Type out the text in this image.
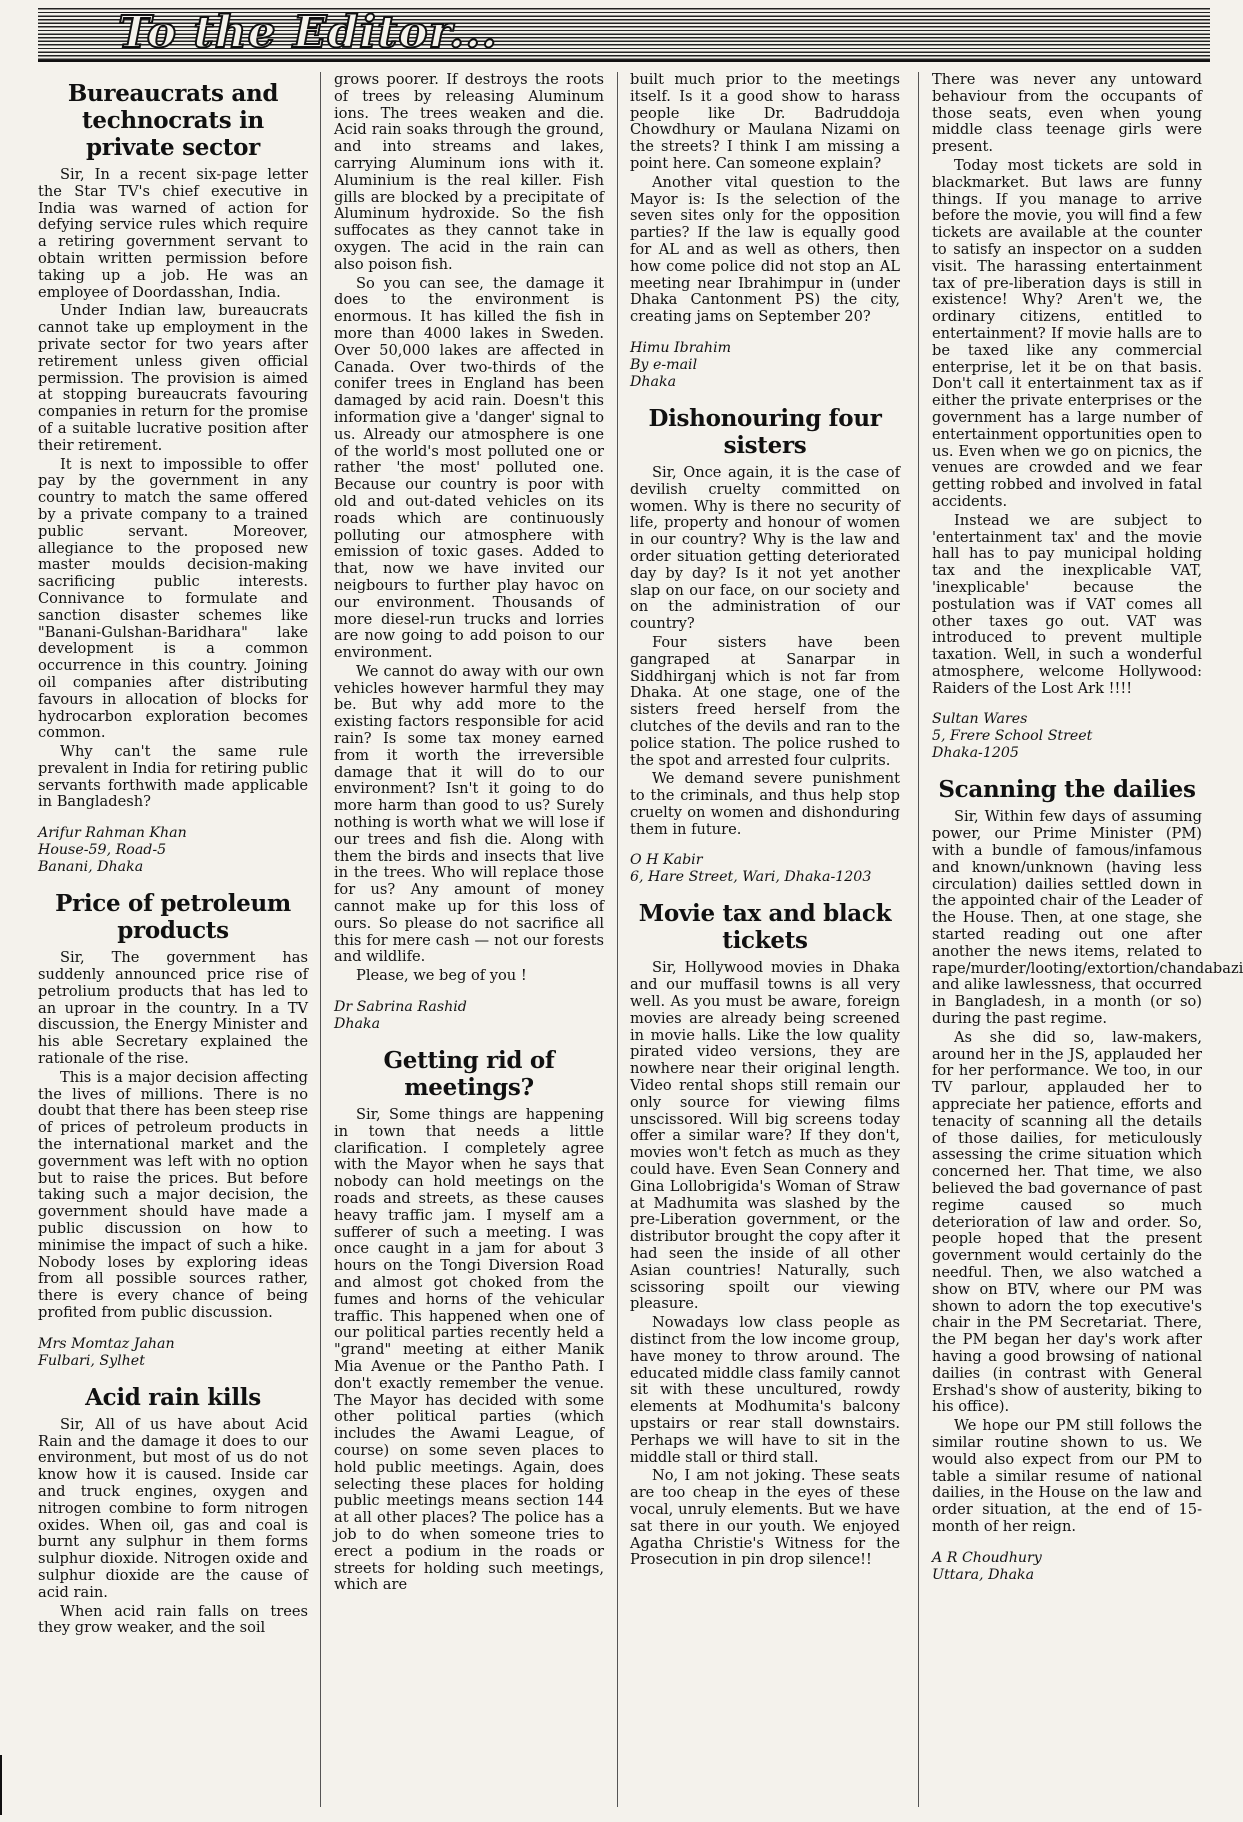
To the Editor...
Bureaucrats and technocrats in private sector

Sir, In a recent six-page letter the Star TV's chief executive in India was warned of action for defying service rules which require a retiring government servant to obtain written permission before taking up a job. He was an employee of Doordasshan, India.

Under Indian law, bureaucrats cannot take up employment in the private sector for two years after retirement unless given official permission. The provision is aimed at stopping bureaucrats favouring companies in return for the promise of a suitable lucrative position after their retirement.

It is next to impossible to offer pay by the government in any country to match the same offered by a private company to a trained public servant. Moreover, allegiance to the proposed new master moulds decision-making sacrificing public interests. Connivance to formulate and sanction disaster schemes like "Banani-Gulshan-Baridhara" lake development is a common occurrence in this country. Joining oil companies after distributing favours in allocation of blocks for hydrocarbon exploration becomes common.

Why can't the same rule prevalent in India for retiring public servants forthwith made applicable in Bangladesh?

Arifur Rahman Khan
House-59, Road-5
Banani, Dhaka
Price of petroleum products

Sir, The government has suddenly announced price rise of petrolium products that has led to an uproar in the country. In a TV discussion, the Energy Minister and his able Secretary explained the rationale of the rise.

This is a major decision affecting the lives of millions. There is no doubt that there has been steep rise of prices of petroleum products in the international market and the government was left with no option but to raise the prices. But before taking such a major decision, the government should have made a public discussion on how to minimise the impact of such a hike. Nobody loses by exploring ideas from all possible sources rather, there is every chance of being profited from public discussion.

Mrs Momtaz Jahan
Fulbari, Sylhet
Acid rain kills

Sir, All of us have about Acid Rain and the damage it does to our environment, but most of us do not know how it is caused. Inside car and truck engines, oxygen and nitrogen combine to form nitrogen oxides. When oil, gas and coal is burnt any sulphur in them forms sulphur dioxide. Nitrogen oxide and sulphur dioxide are the cause of acid rain.

When acid rain falls on trees they grow weaker, and the soil

grows poorer. If destroys the roots of trees by releasing Aluminum ions. The trees weaken and die. Acid rain soaks through the ground, and into streams and lakes, carrying Aluminum ions with it. Aluminium is the real killer. Fish gills are blocked by a precipitate of Aluminum hydroxide. So the fish suffocates as they cannot take in oxygen. The acid in the rain can also poison fish.

So you can see, the damage it does to the environment is enormous. It has killed the fish in more than 4000 lakes in Sweden. Over 50,000 lakes are affected in Canada. Over two-thirds of the conifer trees in England has been damaged by acid rain. Doesn't this information give a 'danger' signal to us. Already our atmosphere is one of the world's most polluted one or rather 'the most' polluted one. Because our country is poor with old and out-dated vehicles on its roads which are continuously polluting our atmosphere with emission of toxic gases. Added to that, now we have invited our neigbours to further play havoc on our environment. Thousands of more diesel-run trucks and lorries are now going to add poison to our environment.

We cannot do away with our own vehicles however harmful they may be. But why add more to the existing factors responsible for acid rain? Is some tax money earned from it worth the irreversible damage that it will do to our environment? Isn't it going to do more harm than good to us? Surely nothing is worth what we will lose if our trees and fish die. Along with them the birds and insects that live in the trees. Who will replace those for us? Any amount of money cannot make up for this loss of ours. So please do not sacrifice all this for mere cash — not our forests and wildlife.

Please, we beg of you !

Dr Sabrina Rashid
Dhaka
Getting rid of meetings?

Sir, Some things are happening in town that needs a little clarification. I completely agree with the Mayor when he says that nobody can hold meetings on the roads and streets, as these causes heavy traffic jam. I myself am a sufferer of such a meeting. I was once caught in a jam for about 3 hours on the Tongi Diversion Road and almost got choked from the fumes and horns of the vehicular traffic. This happened when one of our political parties recently held a "grand" meeting at either Manik Mia Avenue or the Pantho Path. I don't exactly remember the venue. The Mayor has decided with some other political parties (which includes the Awami League, of course) on some seven places to hold public meetings. Again, does selecting these places for holding public meetings means section 144 at all other places? The police has a job to do when someone tries to erect a podium in the roads or streets for holding such meetings, which are

built much prior to the meetings itself. Is it a good show to harass people like Dr. Badruddoja Chowdhury or Maulana Nizami on the streets? I think I am missing a point here. Can someone explain?

Another vital question to the Mayor is: Is the selection of the seven sites only for the opposition parties? If the law is equally good for AL and as well as others, then how come police did not stop an AL meeting near Ibrahimpur in (under Dhaka Cantonment PS) the city, creating jams on September 20?

Himu Ibrahim
By e-mail
Dhaka
Dishonouring four sisters

Sir, Once again, it is the case of devilish cruelty committed on women. Why is there no security of life, property and honour of women in our country? Why is the law and order situation getting deteriorated day by day? Is it not yet another slap on our face, on our society and on the administration of our country?

Four sisters have been gangraped at Sanarpar in Siddhirganj which is not far from Dhaka. At one stage, one of the sisters freed herself from the clutches of the devils and ran to the police station. The police rushed to the spot and arrested four culprits.

We demand severe punishment to the criminals, and thus help stop cruelty on women and dishonduring them in future.

O H Kabir
6, Hare Street, Wari, Dhaka-1203
Movie tax and black tickets

Sir, Hollywood movies in Dhaka and our muffasil towns is all very well. As you must be aware, foreign movies are already being screened in movie halls. Like the low quality pirated video versions, they are nowhere near their original length. Video rental shops still remain our only source for viewing films unscissored. Will big screens today offer a similar ware? If they don't, movies won't fetch as much as they could have. Even Sean Connery and Gina Lollobrigida's Woman of Straw at Madhumita was slashed by the pre-Liberation government, or the distributor brought the copy after it had seen the inside of all other Asian countries! Naturally, such scissoring spoilt our viewing pleasure.

Nowadays low class people as distinct from the low income group, have money to throw around. The educated middle class family cannot sit with these uncultured, rowdy elements at Modhumita's balcony upstairs or rear stall downstairs. Perhaps we will have to sit in the middle stall or third stall.

No, I am not joking. These seats are too cheap in the eyes of these vocal, unruly elements. But we have sat there in our youth. We enjoyed Agatha Christie's Witness for the Prosecution in pin drop silence!!

There was never any untoward behaviour from the occupants of those seats, even when young middle class teenage girls were present.

Today most tickets are sold in blackmarket. But laws are funny things. If you manage to arrive before the movie, you will find a few tickets are available at the counter to satisfy an inspector on a sudden visit. The harassing entertainment tax of pre-liberation days is still in existence! Why? Aren't we, the ordinary citizens, entitled to entertainment? If movie halls are to be taxed like any commercial enterprise, let it be on that basis. Don't call it entertainment tax as if either the private enterprises or the government has a large number of entertainment opportunities open to us. Even when we go on picnics, the venues are crowded and we fear getting robbed and involved in fatal accidents.

Instead we are subject to 'entertainment tax' and the movie hall has to pay municipal holding tax and the inexplicable VAT, 'inexplicable' because the postulation was if VAT comes all other taxes go out. VAT was introduced to prevent multiple taxation. Well, in such a wonderful atmosphere, welcome Hollywood: Raiders of the Lost Ark !!!!

Sultan Wares
5, Frere School Street
Dhaka-1205
Scanning the dailies

Sir, Within few days of assuming power, our Prime Minister (PM) with a bundle of famous/infamous and known/unknown (having less circulation) dailies settled down in the appointed chair of the Leader of the House. Then, at one stage, she started reading out one after another the news items, related to rape/murder/looting/extortion/chandabazi and alike lawlessness, that occurred in Bangladesh, in a month (or so) during the past regime.

As she did so, law-makers, around her in the JS, applauded her for her performance. We too, in our TV parlour, applauded her to appreciate her patience, efforts and tenacity of scanning all the details of those dailies, for meticulously assessing the crime situation which concerned her. That time, we also believed the bad governance of past regime caused so much deterioration of law and order. So, people hoped that the present government would certainly do the needful. Then, we also watched a show on BTV, where our PM was shown to adorn the top executive's chair in the PM Secretariat. There, the PM began her day's work after having a good browsing of national dailies (in contrast with General Ershad's show of austerity, biking to his office).

We hope our PM still follows the similar routine shown to us. We would also expect from our PM to table a similar resume of national dailies, in the House on the law and order situation, at the end of 15-month of her reign.

A R Choudhury
Uttara, Dhaka
